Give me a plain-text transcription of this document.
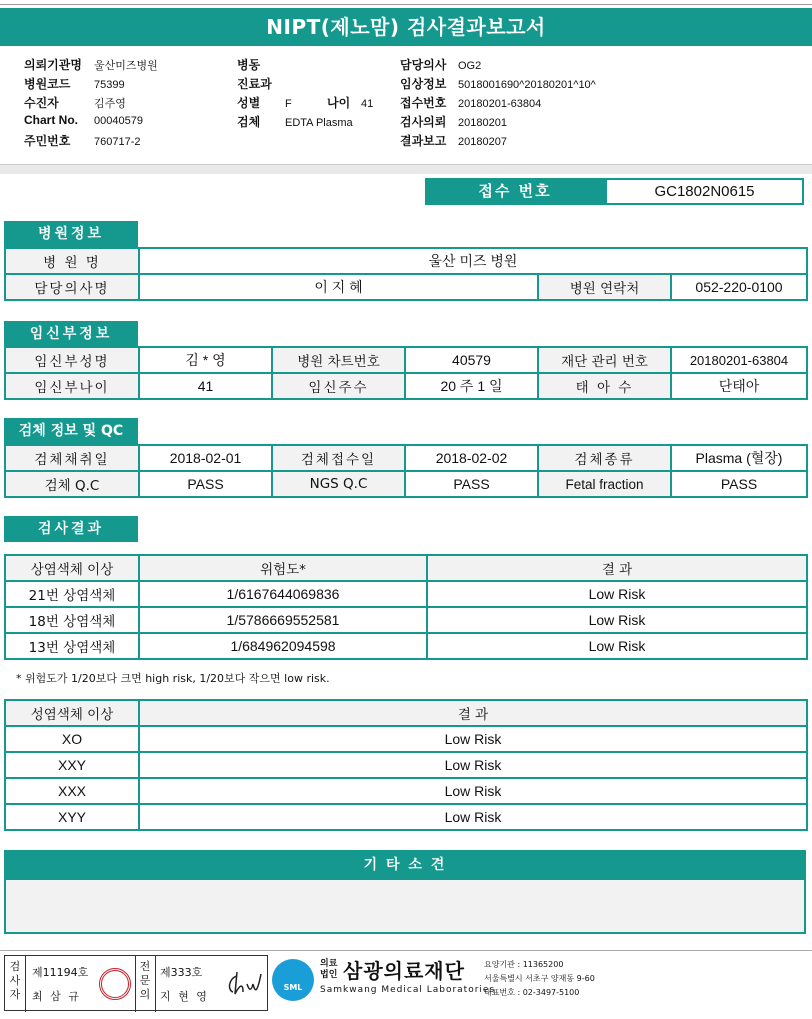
NIPT(제노맘) 검사결과보고서
의뢰기관명 울산미즈병원
병원코드 75399
수진자	김주영
Chart No. 00040579
주민번호 760717-2
병동
진료과
성별 F	나이 41
검체 EDTA Plasma
담당의사 OG2
임상정보 5018001690^20180201^10^
접수번호 20180201-63804
검사의뢰 20180201
결과보고 20180207
접수 번호	GC1802N0615
병원정보
병 원 명	울산 미즈 병원		
담당의사명	이 지 혜	병원 연락처	052-220-0100
임신부정보
임신부성명	김 * 영	병원 차트번호	40579	재단 관리 번호	20180201-63804
임신부나이	41	임신주수	20 주 1 일	태 아 수	단태아
검체 정보 및 QC
검체채취일	2018-02-01	검체접수일	2018-02-02	검체종류	Plasma (혈장)
검체 Q.C	PASS	NGS Q.C	PASS	Fetal fraction	PASS
검사결과
상염색체 이상	위험도*	결 과
21번 상염색체	1/6167644069836	Low Risk
18번 상염색체	1/5786669552581	Low Risk
13번 상염색체	1/684962094598	Low Risk
* 위험도가 1/20보다 크면 high risk, 1/20보다 작으면 low risk.
성염색체 이상	결 과
XO	Low Risk
XXY	Low Risk
XXX	Low Risk
XYY	Low Risk
기 타 소 견
검사자
제11194호
최 삼 규
전문의
제333호
지 현 영
SML
의료법인 삼광의료재단
Samkwang Medical Laboratories
요양기관 : 11365200
서울특별시 서초구 양재동 9-60
대표번호 : 02-3497-5100
